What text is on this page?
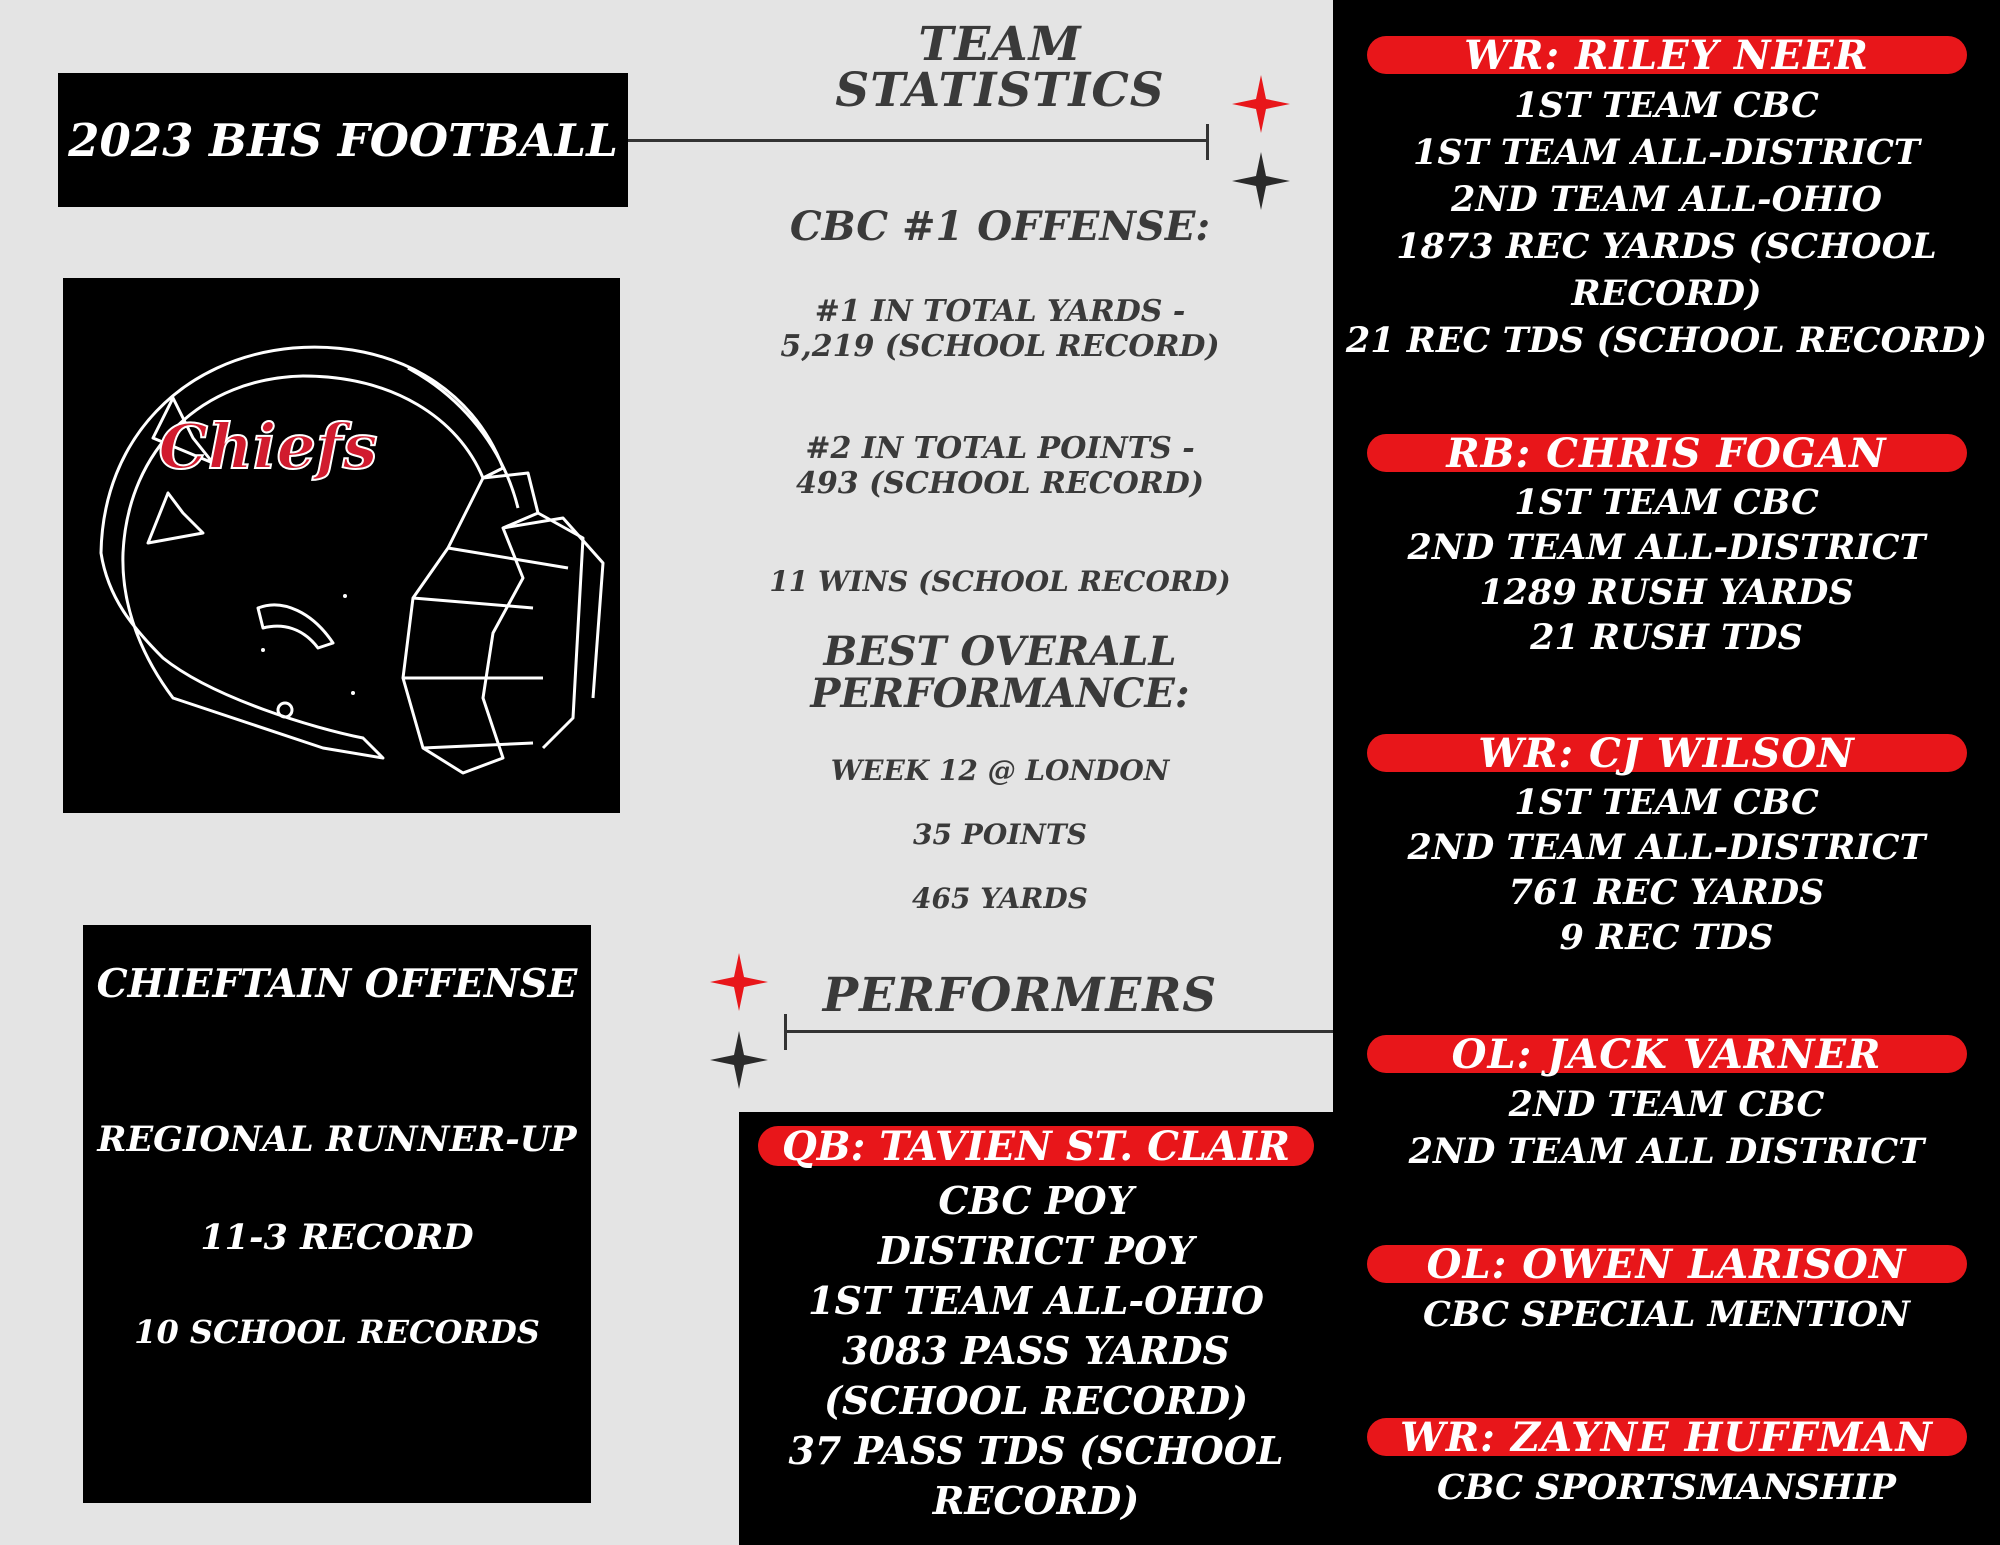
2023 BHS FOOTBALL
Chiefs
CHIEFTAIN OFFENSE
REGIONAL RUNNER-UP
11-3 RECORD
10 SCHOOL RECORDS
TEAM
STATISTICS
CBC #1 OFFENSE:
#1 IN TOTAL YARDS -
5,219 (SCHOOL RECORD)
#2 IN TOTAL POINTS -
493 (SCHOOL RECORD)
11 WINS (SCHOOL RECORD)
BEST OVERALL
PERFORMANCE:
WEEK 12 @ LONDON
35 POINTS
465 YARDS
PERFORMERS
WR: RILEY NEER
1ST TEAM CBC
1ST TEAM ALL-DISTRICT
2ND TEAM ALL-OHIO
1873 REC YARDS (SCHOOL
RECORD)
21 REC TDS (SCHOOL RECORD)
RB: CHRIS FOGAN
1ST TEAM CBC
2ND TEAM ALL-DISTRICT
1289 RUSH YARDS
21 RUSH TDS
WR: CJ WILSON
1ST TEAM CBC
2ND TEAM ALL-DISTRICT
761 REC YARDS
9 REC TDS
OL: JACK VARNER
2ND TEAM CBC
2ND TEAM ALL DISTRICT
OL: OWEN LARISON
CBC SPECIAL MENTION
WR: ZAYNE HUFFMAN
CBC SPORTSMANSHIP
QB: TAVIEN ST. CLAIR
CBC POY
DISTRICT POY
1ST TEAM ALL-OHIO
3083 PASS YARDS
(SCHOOL RECORD)
37 PASS TDS (SCHOOL
RECORD)
